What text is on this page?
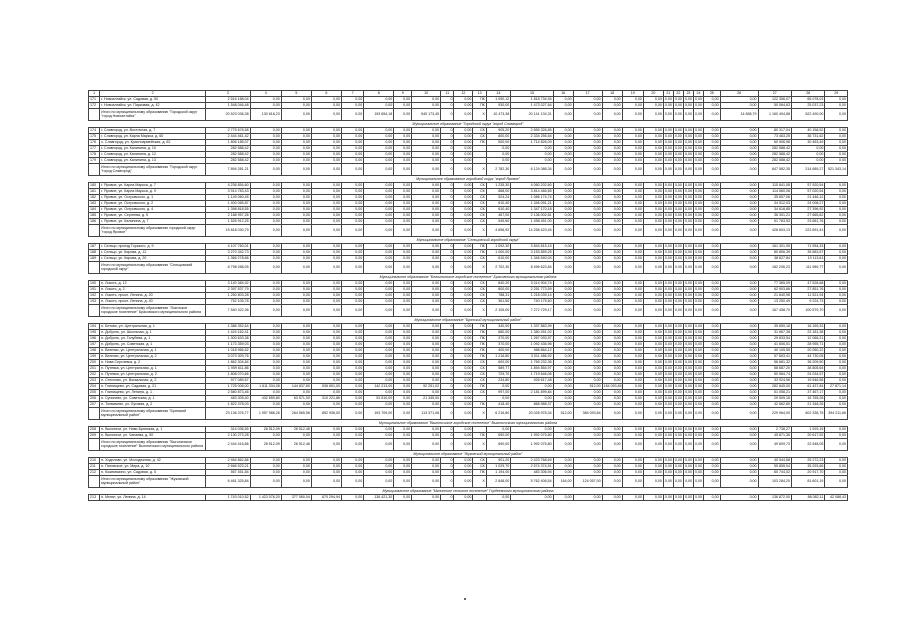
1	2	3	4	5	6	7	8	9	10	11	12	13	14	15	16	17	18	19	20	21	22	23	24	25	26	27	28	29
171	г. Новоалтайск, ул. Садовая, д. 50	2 516 188,04	0,00	0,00	0,00	0,00	0,00	0,00	0,00	0	0,00	ПК	1 090,12	1 818 734,94	0,00	0,00	0,00	0,00	0,00	0,00	0,00	0,00	0,00	0,00	0,00	122 356,07	65 078,03	0,00
172	г. Новоалтайск, ул. Парковая, д. 42	1 548 046,48	0,00	0,00	0,00	0,00	0,00	0,00	0,00	0	0,00	ПК	930,00	1 473 027,64	0,00	0,00	0,00	0,00	0,00	0,00	0,00	0,00	0,00	0,00	0,00	50 064,63	25 037,23	0,00
	Итого по муниципальному образованию "Городской округ "город Новоалтайск"	20 523 036,38	130 618,23	0,00	0,00	0,00	193 654,18	0,00	540 173,45	0	0,00	X	10 473,38	20 141 134,31	0,00	0,00	0,00	0,00	0,00	0,00	0,00	0,00	0,00	0,00	14 658,79	1 160 494,88	522 490,00	0,00
Муниципальное образование "Городской округ "город Славгород"																												
174	г. Славгород, ул. Восточная, д. 7	2 775 678,58	0,00	0,00	0,00	0,00	0,00	0,00	0,00	0	0,00	СК	905,20	2 655 326,85	0,00	0,00	0,00	0,00	0,00	0,00	0,00	0,00	0,00	0,00	0,00	80 317,04	40 158,52	0,00
175	г. Славгород, ул. Карла Маркса, д. 60	2 444 461,42	0,00	0,00	0,00	0,00	0,00	0,00	0,00	0	0,00	СК	800,00	2 334 256,54	0,00	0,00	0,00	0,00	0,00	0,00	0,00	0,00	0,00	0,00	0,00	73 463,25	36 731,62	0,00
176	с. Славгород, ул. Красноармейская, д. 62	1 806 185,07	0,00	0,00	0,00	0,00	0,00	0,00	0,00	0	0,00	ПК	500,00	1 714 826,09	0,00	0,00	0,00	0,00	0,00	0,00	0,00	0,00	0,00	0,00	0,00	60 906,98	30 453,49	0,00
177	г. Славгород, ул. Калинина, д. 10	282 588,42	0,00	0,00	0,00	0,00	0,00	0,00	0,00	0	0,00		0,00	0,00	0,00	0,00	0,00	0,00	0,00	0,00	0,00	0,00	0,00	0,00	0,00	282 588,42	0,00	0,00
178	г. Славгород, ул. Калинина, д. 12	282 588,42	0,00	0,00	0,00	0,00	0,00	0,00	0,00	0	0,00		0,00	0,00	0,00	0,00	0,00	0,00	0,00	0,00	0,00	0,00	0,00	0,00	0,00	282 588,42	0,00	0,00
179	г. Славгород, ул. Калинина, д. 13	282 588,42	0,00	0,00	0,00	0,00	0,00	0,00	0,00	0	0,00		0,00	0,00	0,00	0,00	0,00	0,00	0,00	0,00	0,00	0,00	0,00	0,00	0,00	282 588,42	0,00	0,00
	Итого по муниципальному образованию "Городской округ "город Славгород"	7 894 281,21	0,00	0,00	0,00	0,00	0,00	0,00	0,00	0	0,00	X	2 782,30	6 124 088,34	0,00	0,00	0,00	0,00	0,00	0,00	0,00	0,00	0,00	0,00	0,00	847 582,35	214 689,27	521 343,14
Муниципальное образование городской округ "город Яровое"																												
180	г. Яровое, ул. Карла Маркса, д. 7	4 236 854,60	0,00	0,00	0,00	0,00	0,00	0,00	0,00	0	0,00	СК	1 235,30	4 060 202,60	0,00	0,00	0,00	0,00	0,00	0,00	0,00	0,00	0,00	0,00	0,00	115 841,08	57 920,54	0,00
181	г. Яровое, ул. Карла Маркса, д. 9	3 914 783,43	0,00	0,00	0,00	0,00	0,00	0,00	0,00	0	0,00	СК	868,00	3 814 466,65	0,00	0,00	0,00	0,00	0,00	0,00	0,00	0,00	0,00	0,00	0,00	114 560,08	57 020,54	0,00
182	г. Яровое, ул. Островского, д. 1	1 149 060,45	0,00	0,00	0,00	0,00	0,00	0,00	0,00	0	0,00	СК	524,24	1 086 174,74	0,00	0,00	0,00	0,00	0,00	0,00	0,00	0,00	0,00	0,00	0,00	35 657,06	21 446,12	0,00
183	г. Яровое, ул. Островского, д. 2	1 400 065,87	0,00	0,00	0,00	0,00	0,00	0,00	0,00	0	0,00	СК	610,40	1 346 091,21	0,00	0,00	0,00	0,00	0,00	0,00	0,00	0,00	0,00	0,00	0,00	34 512,03	24 008,27	0,00
184	г. Яровое, ул. Островского, д. 4	1 398 818,55	0,00	0,00	0,00	0,00	0,00	0,00	0,00	0	0,00	СК	610,40	1 347 170,18	0,00	0,00	0,00	0,00	0,00	0,00	0,00	0,00	0,00	0,00	0,00	34 618,85	27 396,92	0,00
185	г. Яровое, ул. Сергеева, д. 5	2 188 957,26	0,00	0,00	0,00	0,00	0,00	0,00	0,00	0	0,00	СК	467,00	2 136 002,81	0,00	0,00	0,00	0,00	0,00	0,00	0,00	0,00	0,00	0,00	0,00	36 301,21	27 665,62	0,00
186	г. Яровое, ул. Калинина, д. 7	1 526 912,25	0,00	0,00	0,00	0,00	0,00	0,00	0,00	0	0,00	СК	549,60	1 458 451,00	0,00	0,00	0,00	0,00	0,00	0,00	0,00	0,00	0,00	0,00	0,00	51 763,53	23 681,76	0,00
	Итого по муниципальному образованию городской округ "город Яровое"	15 818 030,79	0,00	0,00	0,00	0,00	0,00	0,00	0,00	0	0,00	X	4 896,92	14 258 423,45	0,00	0,00	0,00	0,00	0,00	0,00	0,00	0,00	0,00	0,00	0,00	428 603,13	222 691,41	0,00
Муниципальное образование "Сельцовский городской округ"																												
187	г. Сельцо, проезд Горького, д. 9	4 107 760,01	0,00	0,00	0,00	0,00	0,00	0,00	0,00	0	0,00	ПК	1 092,30	3 844 815,15	0,00	0,00	0,00	0,00	0,00	0,00	0,00	0,00	0,00	0,00	0,00	161 301,95	71 954,33	0,00
188	г. Сельцо, ул. Кирова, д. 12	3 270 342,73	0,00	0,00	0,00	0,00	0,00	0,00	0,00	0	0,00	ПК	1 000,00	3 153 859,25	0,00	0,00	0,00	0,00	0,00	0,00	0,00	0,00	0,00	0,00	0,00	80 806,39	35 583,57	0,00
189	г. Сельцо, ул. Кирова, д. 20	1 366 278,66	0,00	0,00	0,00	0,00	0,00	0,00	0,00	0	0,00	СК	610,00	1 346 540,04	0,00	0,00	0,00	0,00	0,00	0,00	0,00	0,00	0,00	0,00	0,00	38 627,84	19 113,61	0,00
	Итого по муниципальному образованию "Сельцовский городской округ"	8 798 288,05	0,00	0,00	0,00	0,00	0,00	0,00	0,00	0	0,00	X	2 702,30	8 496 623,84	0,00	0,00	0,00	0,00	0,00	0,00	0,00	0,00	0,00	0,00	0,00	182 206,23	111 989,77	0,00
Муниципальное образование "Белоглинское городское поселение" Брасовского муниципального района																												
190	п. Локоть, д. 12	3 140 384,92	0,00	0,00	0,00	0,00	0,00	0,00	0,00	0	0,00	СК	840,20	3 014 904,74	0,00	0,00	0,00	0,00	0,00	0,00	0,00	0,00	0,00	0,00	0,00	77 365,09	47 528,68	0,00
191	п. Локоть, д. 2	2 397 537,79	0,00	0,00	0,00	0,00	0,00	0,00	0,00	0	0,00	СК	800,00	2 251 773,59	0,00	0,00	0,00	0,00	0,00	0,00	0,00	0,00	0,00	0,00	0,00	62 903,66	27 851,76	0,00
192	п. Локоть, просп. Ленина, д. 20	1 250 803,28	0,00	0,00	0,00	0,00	0,00	0,00	0,00	0	0,00	СК	788,31	1 218 039,14	0,00	0,00	0,00	0,00	0,00	0,00	0,00	0,00	0,00	0,00	0,00	21 840,98	11 521,94	0,00
193	п. Локоть, просп. Ленина, д. 40	752 105,78	0,00	0,00	0,00	0,00	0,00	0,00	0,00	0	0,00	СК	361,50	740 175,60	0,00	0,00	0,00	0,00	0,00	0,00	0,00	0,00	0,00	0,00	0,00	13 250,49	9 224,73	0,00
	Итого по муниципальному образованию "Локотское городское поселение" Брасовского муниципального района	7 540 322,36	0,00	0,00	0,00	0,00	0,00	0,00	0,00	0	0,00	X	2 105,00	7 272 729,17	0,00	0,00	0,00	0,00	0,00	0,00	0,00	0,00	0,00	0,00	0,00	167 458,70	100 579,70	0,00
Муниципальное образование "Брянский муниципальный район"																												
194	п. Бетово, ул. Центральная, д. 1	1 386 352,64	0,00	0,00	0,00	0,00	0,00	0,00	0,00	0	0,00	ПК	340,00	1 337 883,99	0,00	0,00	0,00	0,00	0,00	0,00	0,00	0,00	0,00	0,00	0,00	35 659,18	16 159,32	0,00
195	п. Доброть, ул. Школьная, д. 1	1 424 162,41	0,00	0,00	0,00	0,00	0,00	0,00	0,00	0	0,00	ПК	680,00	1 380 451,02	0,00	0,00	0,00	0,00	0,00	0,00	0,00	0,00	0,00	0,00	0,00	31 667,38	22 181,38	0,00
196	п. Доброть, ул. Голубева, д. 1	1 300 633,38	0,00	0,00	0,00	0,00	0,00	0,00	0,00	0	0,00	ПК	370,00	1 267 093,97	0,00	0,00	0,00	0,00	0,00	0,00	0,00	0,00	0,00	0,00	0,00	29 833,54	12 066,21	0,00
197	п. Доброть, ул. Советская, д. 1	1 173 359,03	0,00	0,00	0,00	0,00	0,00	0,00	0,00	0	0,00	ПК	370,00	1 092 436,96	0,00	0,00	0,00	0,00	0,00	0,00	0,00	0,00	0,00	0,00	0,00	41 606,51	28 955,71	0,00
198	п. Ватенки, ул. Центральная, д. 1	1 018 966,52	0,00	0,00	0,00	0,00	0,00	0,00	0,00	0	0,00	ПК	400,00	988 864,12	0,00	0,00	0,00	0,00	0,00	0,00	0,00	0,00	0,00	0,00	0,00	40 105,55	20 050,22	0,00
199	п. Ватенки, ул. Центральная, д. 2	3 073 309,76	0,00	0,00	0,00	0,00	0,00	0,00	0,00	0	0,00	ПК	1 216,80	3 011 486,92	0,00	0,00	0,00	0,00	0,00	0,00	0,00	0,00	0,00	0,00	0,00	57 653,41	44 730,05	0,00
200	п. Нова Сергиевка, д. 2	1 862 304,84	0,00	0,00	0,00	0,00	0,00	0,00	0,00	0	0,00	СК	600,00	1 769 232,36	0,00	0,00	0,00	0,00	0,00	0,00	0,00	0,00	0,00	0,00	0,00	56 681,32	36 209,50	0,00
201	п. Путевка, ул. Центральная, д. 1	1 959 611,86	0,00	0,00	0,00	0,00	0,00	0,00	0,00	0	0,00	СК	589,77	1 894 854,97	0,00	0,00	0,00	0,00	0,00	0,00	0,00	0,00	0,00	0,00	0,00	58 687,20	38 805,64	0,00
202	п. Путевка, ул. Центральная, д. 2	1 808 070,66	0,00	0,00	0,00	0,00	0,00	0,00	0,00	0	0,00	СК	729,70	1 719 646,06	0,00	0,00	0,00	0,00	0,00	0,00	0,00	0,00	0,00	0,00	0,00	50 584,74	24 034,57	0,00
203	п. Стеклово, ул. Вокзальная, д. 2	977 089,57	0,00	0,00	0,00	0,00	0,00	0,00	0,00	0	0,00	СК	234,80	926 617,48	0,00	0,00	0,00	0,00	0,00	0,00	0,00	0,00	0,00	0,00	0,00	33 924,56	19 546,56	0,00
204	п. Глинищево, ул. Садовая, д. 21	1 725 008,00	1 611 334,08	144 837,80	536 651,00	0,00	142 213,00	0,00	92 251,02	0	0,00	ПК	0,00	0,00	0,00	512,00	184 093,84	0,00	0,00	0,00	0,00	0,00	0,00	0,00	0,00	282 845,00	61 437,84	27 871,14
205	п. Глинищево, ул. Ленина, д. 1	2 580 873,46	0,00	0,00	0,00	0,00	0,00	0,00	0,00	0	0,00	СК	997,00	2 181 899,84	0,00	0,00	0,00	0,00	0,00	0,00	0,00	0,00	0,00	0,00	0,00	51 058,21	37 467,17	0,00
206	п. Супонево, ул. Советская, д. 1	483 305,40	432 659,80	63 571,00	310 221,86	0,00	51 510,00	0,00	21 345,00	0	0,00		0,00	0,00	0,00	0,00	0,00	0,00	0,00	0,00	0,00	0,00	0,00	0,00	0,00	29 509,16	15 765,28	0,00
207	п. Толмачево, ул. Луговая, д. 2	1 822 378,03	0,00	0,00	0,00	0,00	0,00	0,00	0,00	0	0,00	ПК	418,40	868 988,37	0,00	0,00	0,00	0,00	0,00	0,00	0,00	0,00	0,00	0,00	0,00	42 662,80	21 348,26	0,00
	Итого по муниципальному образованию "Брянский муниципальный район"	23 136 376,77	1 957 988,26	264 565,56	852 936,00	0,00	193 709,00	0,00	113 371,08	0	0,00	X	6 216,80	20 028 978,34	512,00	384 093,84	0,00	0,00	0,00	0,00	0,00	0,00	0,00	0,00	0,00	229 964,00	602 338,75	394 211,66
Муниципальное образование "Выгоничское городское поселение" Выгоничского муниципального района																												
208	п. Выгоничи, ул. Ново-Брянская, д. 1	314 036,55	28 512,09	26 512,46	0,00	0,00	0,00	0,00	0,00	0	0,00		0,00	0,00	0,00	0,00	0,00	0,00	0,00	0,00	0,00	0,00	0,00	0,00	0,00	2 738,27	1 929,15	0,00
209	п. Выгоничи, ул. Чапаева, д. 50	2 130 273,28	0,00	0,00	0,00	0,00	0,00	0,00	0,00	0	0,00	ПК	690,00	1 992 075,80	0,00	0,00	0,00	0,00	0,00	0,00	0,00	0,00	0,00	0,00	0,00	45 871,36	20 617,92	0,00
	Итого по муниципальному образованию "Выгоничское городское поселение" Выгоничского муниципального района	2 444 416,86	28 512,09	26 512,46	0,00	0,00	0,00	0,00	0,00	0	0,00	X	690,00	1 992 075,80	0,00	0,00	0,00	0,00	0,00	0,00	0,00	0,00	0,00	0,00	0,00	49 609,73	22 548,05	0,00
Муниципальное образование "Жуковский муниципальный район"																												
210	п. Ходилово, ул. Молодежная, д. 42	2 464 862,86	0,00	0,00	0,00	0,00	0,00	0,00	0,00	0	0,00	СК	901,20	2 423 768,69	0,00	0,00	0,00	0,00	0,00	0,00	0,00	0,00	0,00	0,00	0,00	40 544,68	25 272,23	0,00
211	п. Пятовское, ул. Мира, д. 10	2 666 523,21	0,00	0,00	0,00	0,00	0,00	0,00	0,00	0	0,00	СК	1 029,70	2 574 374,51	0,00	0,00	0,00	0,00	0,00	0,00	0,00	0,00	0,00	0,00	0,00	55 855,04	35 293,66	0,00
212	п. Кожемякино, ул. Садовая, д. 5	567 451,84	0,00	0,00	0,00	0,00	0,00	0,00	0,00	0	0,00	ПК	1 194,00	483 306,94	0,00	0,00	0,00	0,00	0,00	0,00	0,00	0,00	0,00	0,00	0,00	60 744,02	20 917,70	0,00
	Итого по муниципальному образованию "Жуковский муниципальный район"	6 461 325,84	0,00	0,00	0,00	0,00	0,00	0,00	0,00	0	0,00	X	2 848,00	5 762 406,54	164,00	124 057,00	0,00	0,00	0,00	0,00	0,00	0,00	0,00	0,00	0,00	103 284,20	81 601,19	0,00
Муниципальное образование "Мглинское сельское поселение" Гордеевского муниципального района																												
213	п. Мглин, ул. Ленина, д. 14	1 743 010,52	1 423 076,20	377 060,04	670 294,94	0,00	136 421,30	0,00	0,00	0	0,00		0,00	0,00	0,00	0,00	0,00	0,00	0,00	0,00	0,00	0,00	0,00	0,00	0,00	136 872,00	88 082,11	42 088,43
